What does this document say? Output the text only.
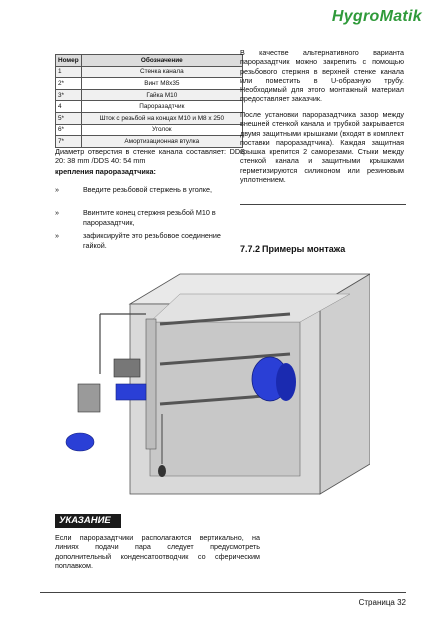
HygroMatik
Номер	Обозначение
1	Стенка канала
2*	Винт M8x35
3*	Гайка M10
4	Пароразадтчик
5*	Шток с резьбой на концах M10 и M8 x 250
6*	Уголок
7*	Амортизационная втулка
Диаметр отверстия в стенке канала составляет: DDS 20: 38 mm /DDS 40: 54 mm
крепления пароразадтчика:
»	Введите резьбовой стержень в уголке,
»	Ввинтите конец стержня резьбой M10 в пароразадтчик,
»	зафиксируйте это резьбовое соединение гайкой.
В качестве альтернативного варианта пароразадтчик можно закрепить с помощью резьбового стержня в верхней стенке канала или поместить в U-образную трубу. Необходимый для этого монтажный материал предоставляет заказчик.
После установки пароразадтчика зазор между внешней стенкой канала и трубкой закрывается двумя защитными крышками (входят в комплект поставки пароразадтчика). Каждая защитная крышка крепится 2 саморезами. Стыки между стенкой канала и защитными крышками герметизируются силиконом или резиновым уплотнением.
7.7.2 Примеры монтажа
УКАЗАНИЕ
Если пароразадтчики располагаются вертикально, на линиях подачи пара следует предусмотреть дополнительный конденсатоотводчик со сферическим поплавком.
Страница 32
